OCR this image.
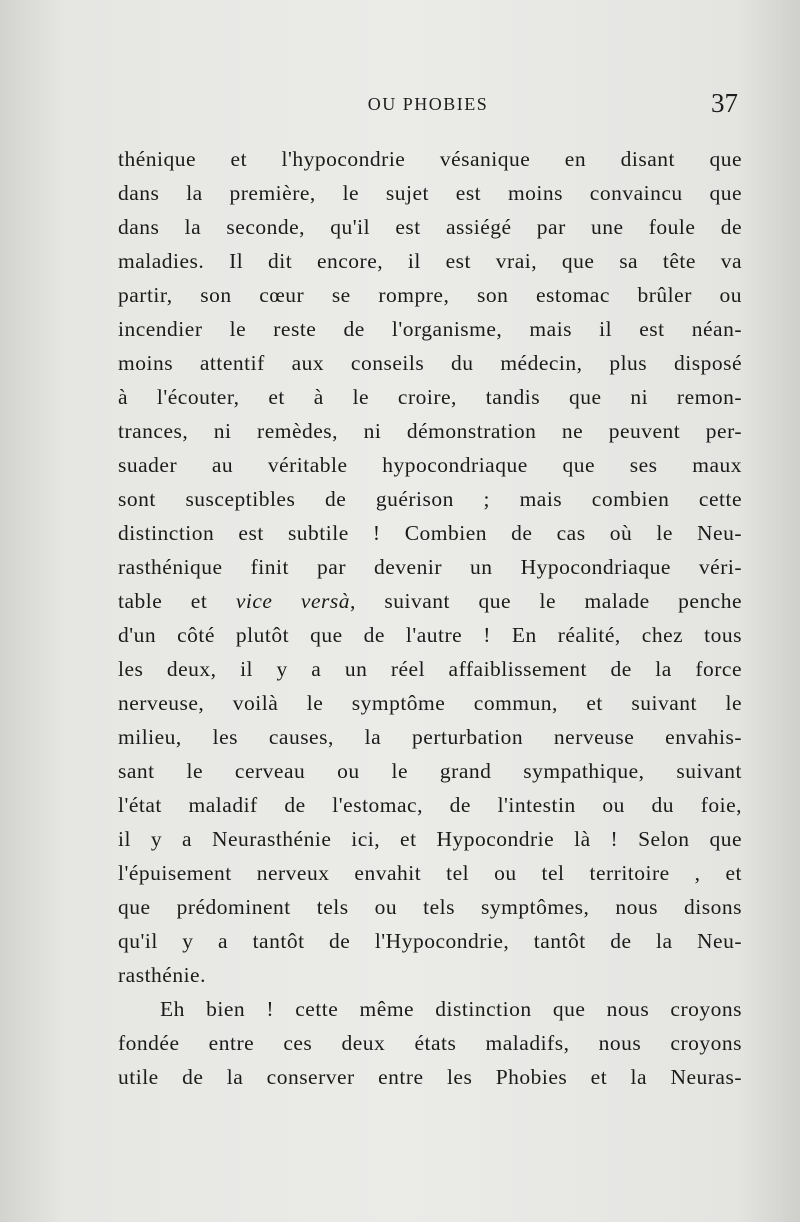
OU PHOBIES	37
thénique et l'hypocondrie vésanique en disant que
dans la première, le sujet est moins convaincu que
dans la seconde, qu'il est assiégé par une foule de
maladies. Il dit encore, il est vrai, que sa tête va
partir, son cœur se rompre, son estomac brûler ou
incendier le reste de l'organisme, mais il est néan-
moins attentif aux conseils du médecin, plus disposé
à l'écouter, et à le croire, tandis que ni remon-
trances, ni remèdes, ni démonstration ne peuvent per-
suader au véritable hypocondriaque que ses maux
sont susceptibles de guérison ; mais combien cette
distinction est subtile ! Combien de cas où le Neu-
rasthénique finit par devenir un Hypocondriaque véri-
table et vice versà, suivant que le malade penche
d'un côté plutôt que de l'autre ! En réalité, chez tous
les deux, il y a un réel affaiblissement de la force
nerveuse, voilà le symptôme commun, et suivant le
milieu, les causes, la perturbation nerveuse envahis-
sant le cerveau ou le grand sympathique, suivant
l'état maladif de l'estomac, de l'intestin ou du foie,
il y a Neurasthénie ici, et Hypocondrie là ! Selon que
l'épuisement nerveux envahit tel ou tel territoire , et
que prédominent tels ou tels symptômes, nous disons
qu'il y a tantôt de l'Hypocondrie, tantôt de la Neu-
rasthénie.
Eh bien ! cette même distinction que nous croyons
fondée entre ces deux états maladifs, nous croyons
utile de la conserver entre les Phobies et la Neuras-
